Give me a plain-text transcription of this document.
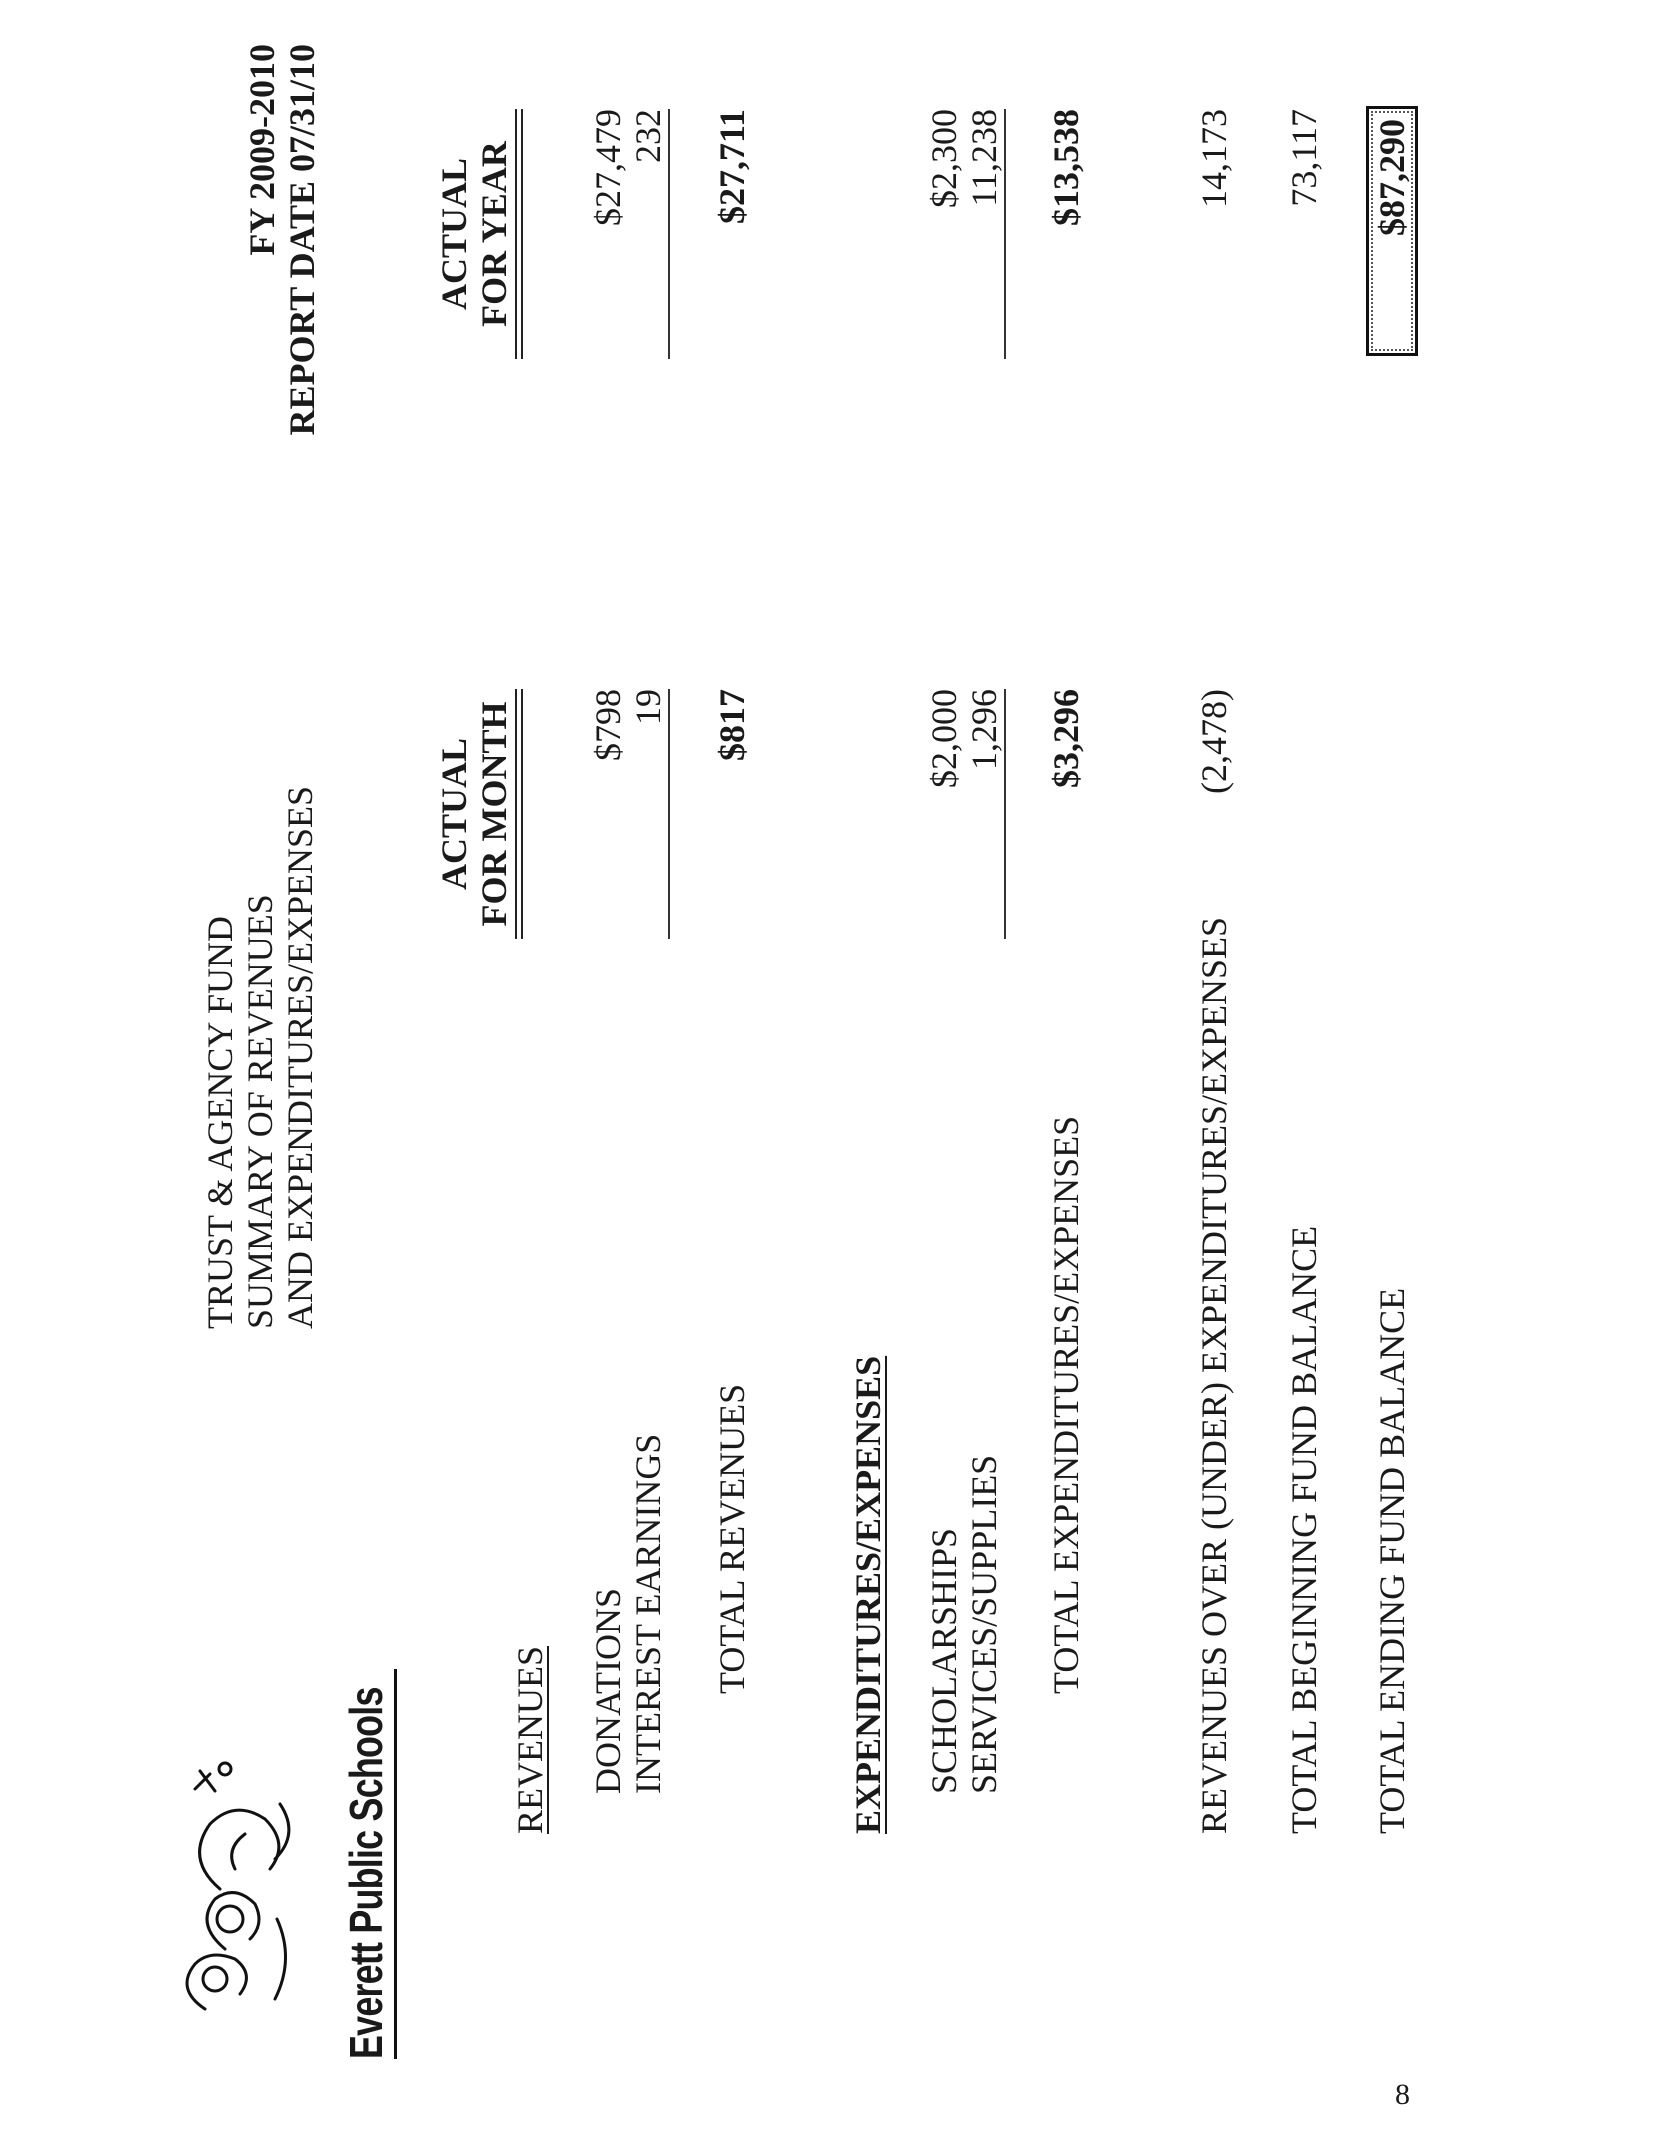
Everett Public Schools
TRUST & AGENCY FUND SUMMARY OF REVENUES AND EXPENDITURES/EXPENSES
FY 2009-2010 REPORT DATE 07/31/10
ACTUAL FOR MONTH
ACTUAL FOR YEAR
REVENUES DONATIONS
$798
$27,479
INTEREST EARNINGS
19
232
TOTAL REVENUES
$817
$27,711
EXPENDITURES/EXPENSES SCHOLARSHIPS
$2,000
$2,300
SERVICES/SUPPLIES
1,296
11,238
TOTAL EXPENDITURES/EXPENSES
$3,296
$13,538
REVENUES OVER (UNDER) EXPENDITURES/EXPENSES
(2,478)
14,173
TOTAL BEGINNING FUND BALANCE
73,117
TOTAL ENDING FUND BALANCE
$87,290
8
